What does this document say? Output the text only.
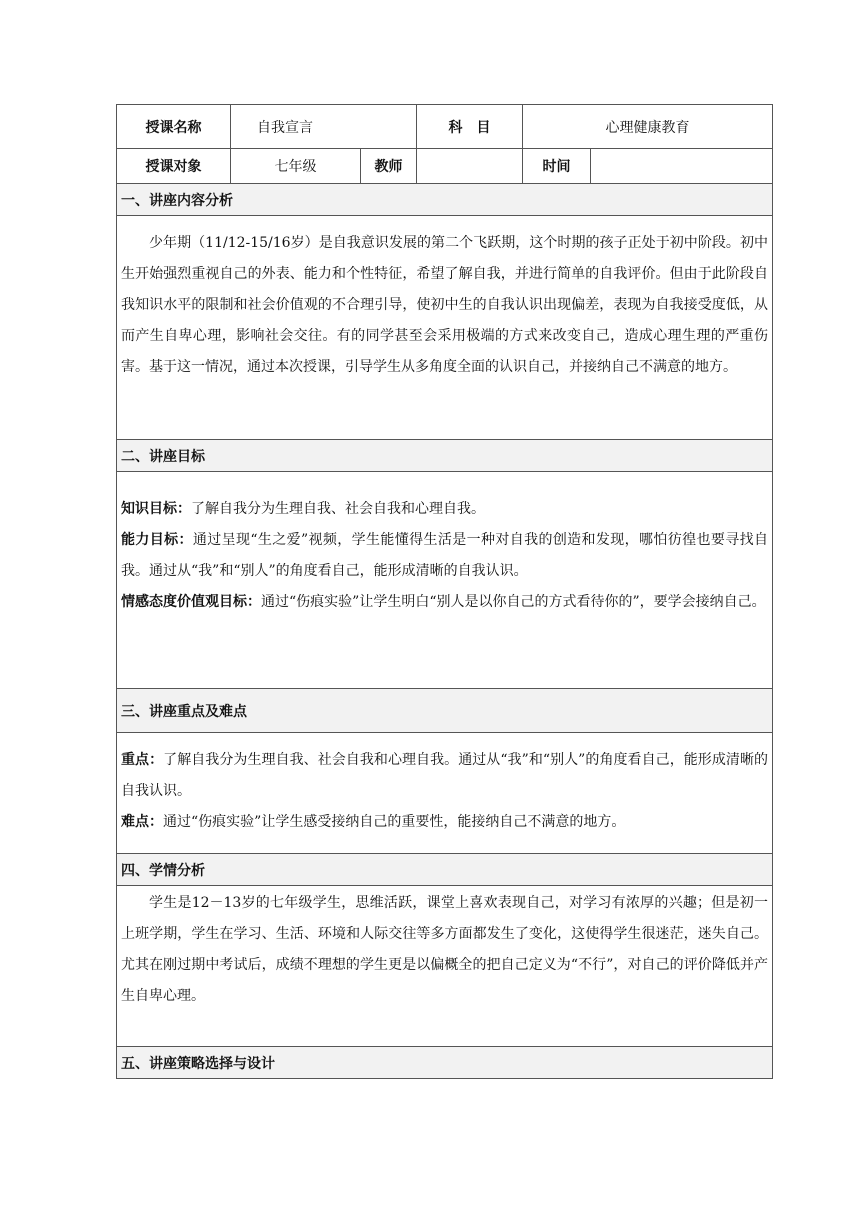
授课名称	自我宣言		科　目	心理健康教育	
授课对象	七年级	教师		时间	
一、讲座内容分析					

少年期（11/12-15/16岁）是自我意识发展的第二个飞跃期，这个时期的孩子正处于初中阶段。初中生开始强烈重视自己的外表、能力和个性特征，希望了解自我，并进行简单的自我评价。但由于此阶段自我知识水平的限制和社会价值观的不合理引导，使初中生的自我认识出现偏差，表现为自我接受度低，从而产生自卑心理，影响社会交往。有的同学甚至会采用极端的方式来改变自己，造成心理生理的严重伤害。基于这一情况，通过本次授课，引导学生从多角度全面的认识自己，并接纳自己不满意的地方。					

二、讲座目标					

知识目标：了解自我分为生理自我、社会自我和心理自我。

能力目标：通过呈现“生之爱”视频，学生能懂得生活是一种对自我的创造和发现，哪怕彷徨也要寻找自我。通过从“我”和“别人”的角度看自己，能形成清晰的自我认识。

情感态度价值观目标：通过“伤痕实验”让学生明白“别人是以你自己的方式看待你的”，要学会接纳自己。					

三、讲座重点及难点					

重点：了解自我分为生理自我、社会自我和心理自我。通过从“我”和“别人”的角度看自己，能形成清晰的自我认识。

难点：通过“伤痕实验”让学生感受接纳自己的重要性，能接纳自己不满意的地方。					

四、学情分析					

学生是12－13岁的七年级学生，思维活跃，课堂上喜欢表现自己，对学习有浓厚的兴趣；但是初一上班学期，学生在学习、生活、环境和人际交往等多方面都发生了变化，这使得学生很迷茫，迷失自己。尤其在刚过期中考试后，成绩不理想的学生更是以偏概全的把自己定义为“不行”，对自己的评价降低并产生自卑心理。					

五、讲座策略选择与设计					
